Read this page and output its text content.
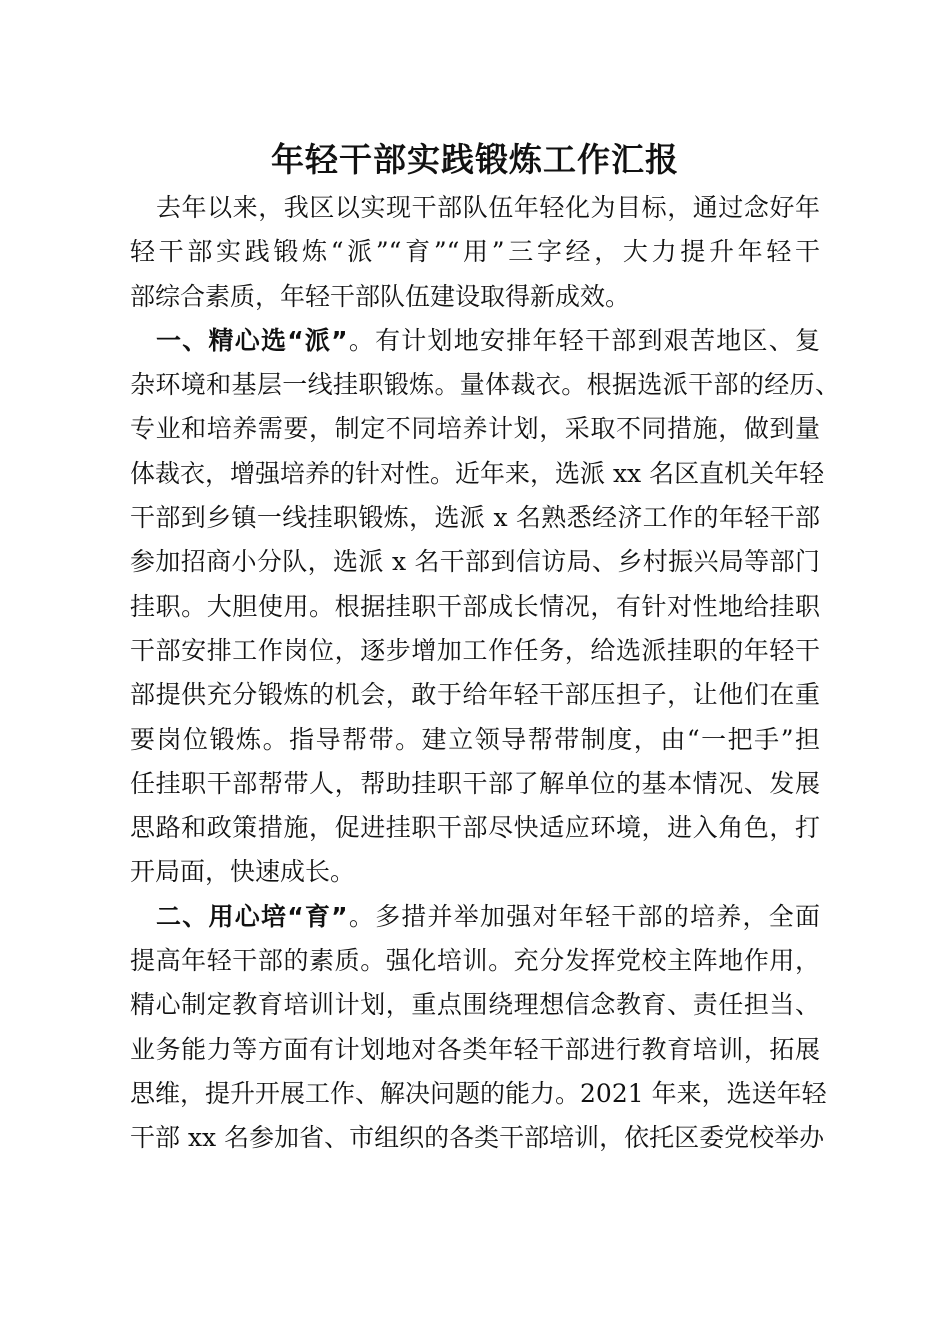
年轻干部实践锻炼工作汇报
去年以来，我区以实现干部队伍年轻化为目标，通过念好年
轻干部实践锻炼“派”“育”“用”三字经，大力提升年轻干
部综合素质，年轻干部队伍建设取得新成效。
一、精心选“派”。有计划地安排年轻干部到艰苦地区、复
杂环境和基层一线挂职锻炼。量体裁衣。根据选派干部的经历、
专业和培养需要，制定不同培养计划，采取不同措施，做到量
体裁衣，增强培养的针对性。近年来，选派 xx 名区直机关年轻
干部到乡镇一线挂职锻炼，选派 x 名熟悉经济工作的年轻干部
参加招商小分队，选派 x 名干部到信访局、乡村振兴局等部门
挂职。大胆使用。根据挂职干部成长情况，有针对性地给挂职
干部安排工作岗位，逐步增加工作任务，给选派挂职的年轻干
部提供充分锻炼的机会，敢于给年轻干部压担子，让他们在重
要岗位锻炼。指导帮带。建立领导帮带制度，由“一把手”担
任挂职干部帮带人，帮助挂职干部了解单位的基本情况、发展
思路和政策措施，促进挂职干部尽快适应环境，进入角色，打
开局面，快速成长。
二、用心培“育”。多措并举加强对年轻干部的培养，全面
提高年轻干部的素质。强化培训。充分发挥党校主阵地作用，
精心制定教育培训计划，重点围绕理想信念教育、责任担当、
业务能力等方面有计划地对各类年轻干部进行教育培训，拓展
思维，提升开展工作、解决问题的能力。2021 年来，选送年轻
干部 xx 名参加省、市组织的各类干部培训，依托区委党校举办
